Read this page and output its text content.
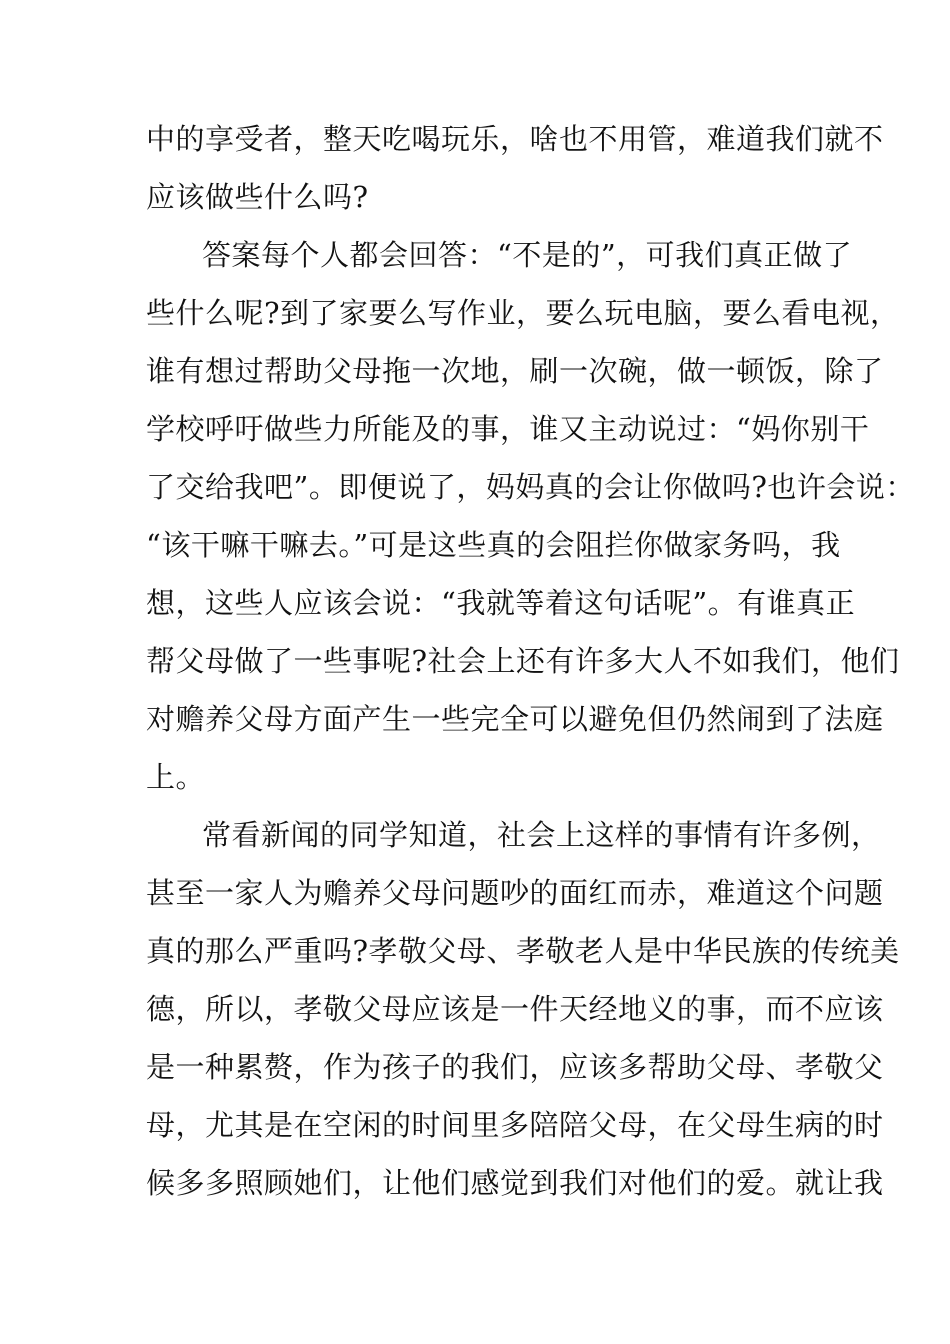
中的享受者，整天吃喝玩乐，啥也不用管，难道我们就不
应该做些什么吗?
答案每个人都会回答：“不是的”，可我们真正做了
些什么呢?到了家要么写作业，要么玩电脑，要么看电视，
谁有想过帮助父母拖一次地，刷一次碗，做一顿饭，除了
学校呼吁做些力所能及的事，谁又主动说过：“妈你别干
了交给我吧”。即便说了，妈妈真的会让你做吗?也许会说：
“该干嘛干嘛去。”可是这些真的会阻拦你做家务吗，我
想，这些人应该会说：“我就等着这句话呢”。有谁真正
帮父母做了一些事呢?社会上还有许多大人不如我们，他们
对赡养父母方面产生一些完全可以避免但仍然闹到了法庭
上。
常看新闻的同学知道，社会上这样的事情有许多例，
甚至一家人为赡养父母问题吵的面红而赤，难道这个问题
真的那么严重吗?孝敬父母、孝敬老人是中华民族的传统美
德，所以，孝敬父母应该是一件天经地义的事，而不应该
是一种累赘，作为孩子的我们，应该多帮助父母、孝敬父
母，尤其是在空闲的时间里多陪陪父母，在父母生病的时
候多多照顾她们，让他们感觉到我们对他们的爱。就让我
